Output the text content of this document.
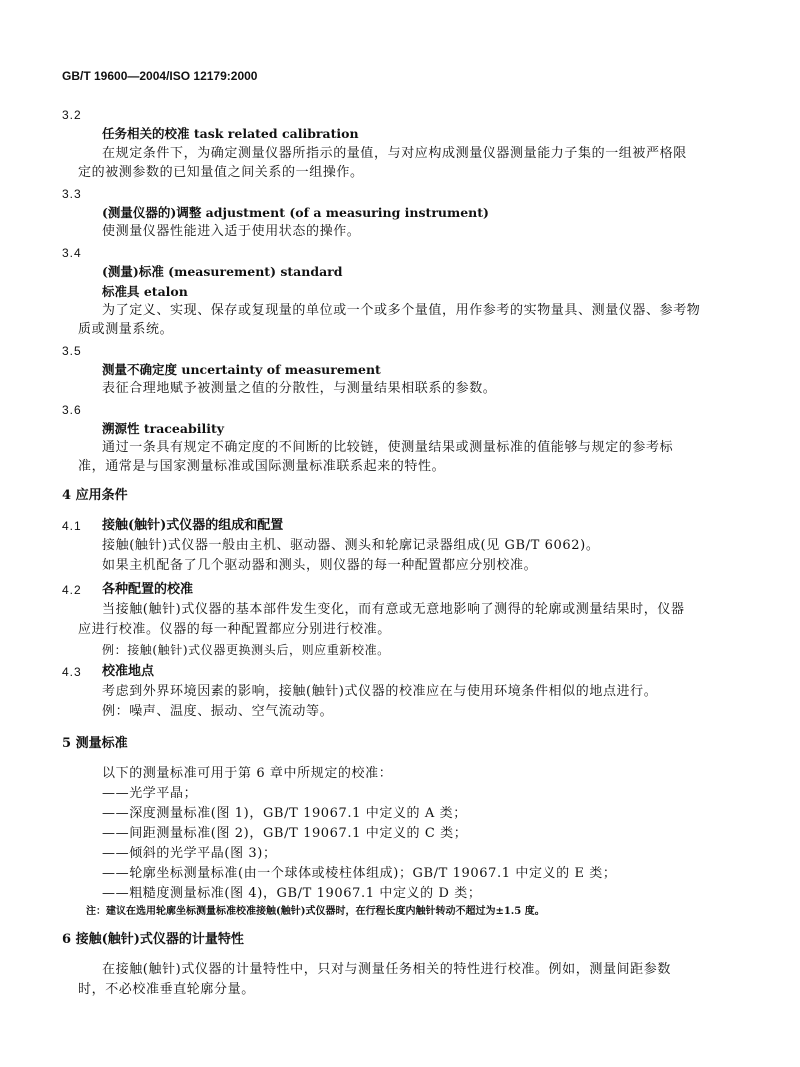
GB/T 19600—2004/ISO 12179:2000
3.2
任务相关的校准 task related calibration
在规定条件下，为确定测量仪器所指示的量值，与对应构成测量仪器测量能力子集的一组被严格限
定的被测参数的已知量值之间关系的一组操作。
3.3
(测量仪器的)调整 adjustment (of a measuring instrument)
使测量仪器性能进入适于使用状态的操作。
3.4
(测量)标准 (measurement) standard
标准具 etalon
为了定义、实现、保存或复现量的单位或一个或多个量值，用作参考的实物量具、测量仪器、参考物
质或测量系统。
3.5
测量不确定度 uncertainty of measurement
表征合理地赋予被测量之值的分散性，与测量结果相联系的参数。
3.6
溯源性 traceability
通过一条具有规定不确定度的不间断的比较链，使测量结果或测量标准的值能够与规定的参考标
准，通常是与国家测量标准或国际测量标准联系起来的特性。
4 应用条件
4.1 接触(触针)式仪器的组成和配置
接触(触针)式仪器一般由主机、驱动器、测头和轮廓记录器组成(见 GB/T 6062)。
如果主机配备了几个驱动器和测头，则仪器的每一种配置都应分别校准。
4.2 各种配置的校准
当接触(触针)式仪器的基本部件发生变化，而有意或无意地影响了测得的轮廓或测量结果时，仪器
应进行校准。仪器的每一种配置都应分别进行校准。
例：接触(触针)式仪器更换测头后，则应重新校准。
4.3 校准地点
考虑到外界环境因素的影响，接触(触针)式仪器的校准应在与使用环境条件相似的地点进行。
例：噪声、温度、振动、空气流动等。
5 测量标准
以下的测量标准可用于第 6 章中所规定的校准：
——光学平晶；
——深度测量标准(图 1)，GB/T 19067.1 中定义的 A 类；
——间距测量标准(图 2)，GB/T 19067.1 中定义的 C 类；
——倾斜的光学平晶(图 3)；
——轮廓坐标测量标准(由一个球体或棱柱体组成)；GB/T 19067.1 中定义的 E 类；
——粗糙度测量标准(图 4)，GB/T 19067.1 中定义的 D 类；
注：建议在选用轮廓坐标测量标准校准接触(触针)式仪器时，在行程长度内触针转动不超过为±1.5 度。
6 接触(触针)式仪器的计量特性
在接触(触针)式仪器的计量特性中，只对与测量任务相关的特性进行校准。例如，测量间距参数
时，不必校准垂直轮廓分量。
